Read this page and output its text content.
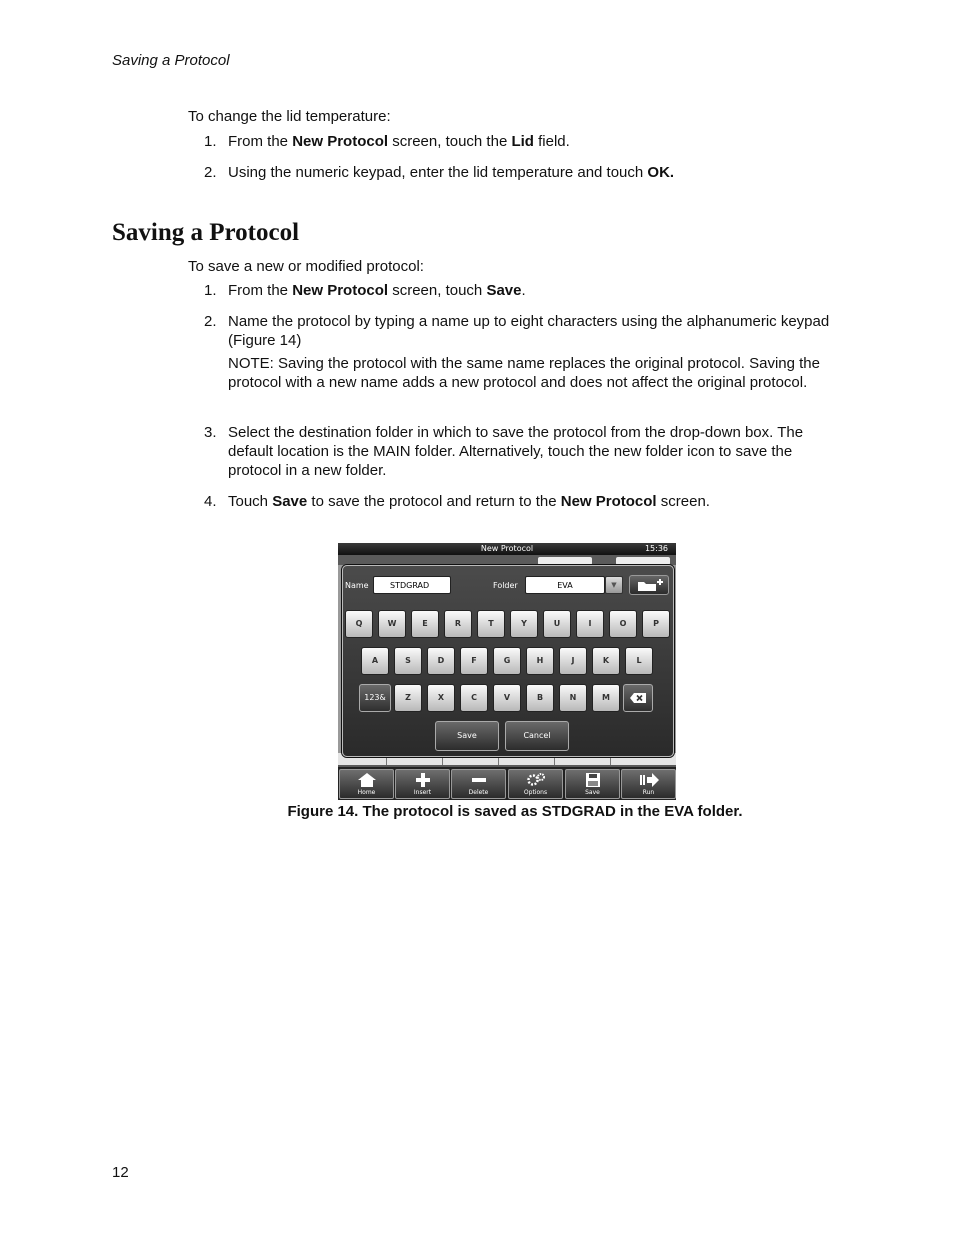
Saving a Protocol
To change the lid temperature:
1. From the New Protocol screen, touch the Lid field.
2. Using the numeric keypad, enter the lid temperature and touch OK.
Saving a Protocol
To save a new or modified protocol:
1. From the New Protocol screen, touch Save.
2. Name the protocol by typing a name up to eight characters using the alphanumeric keypad (Figure 14)
NOTE: Saving the protocol with the same name replaces the original protocol. Saving the protocol with a new name adds a new protocol and does not affect the original protocol.
3. Select the destination folder in which to save the protocol from the drop-down box. The default location is the MAIN folder. Alternatively, touch the new folder icon to save the protocol in a new folder.
4. Touch Save to save the protocol and return to the New Protocol screen.
New Protocol	15:36
Name	STDGRAD	Folder	EVA	▼
Q	W	E	R	T	Y	U	I	O	P
A	S	D	F	G	H	J	K	L
123&	Z	X	C	V	B	N	M
Save	Cancel
Home	Insert	Delete	Options	Save	Run
Figure 14. The protocol is saved as STDGRAD in the EVA folder.
12
